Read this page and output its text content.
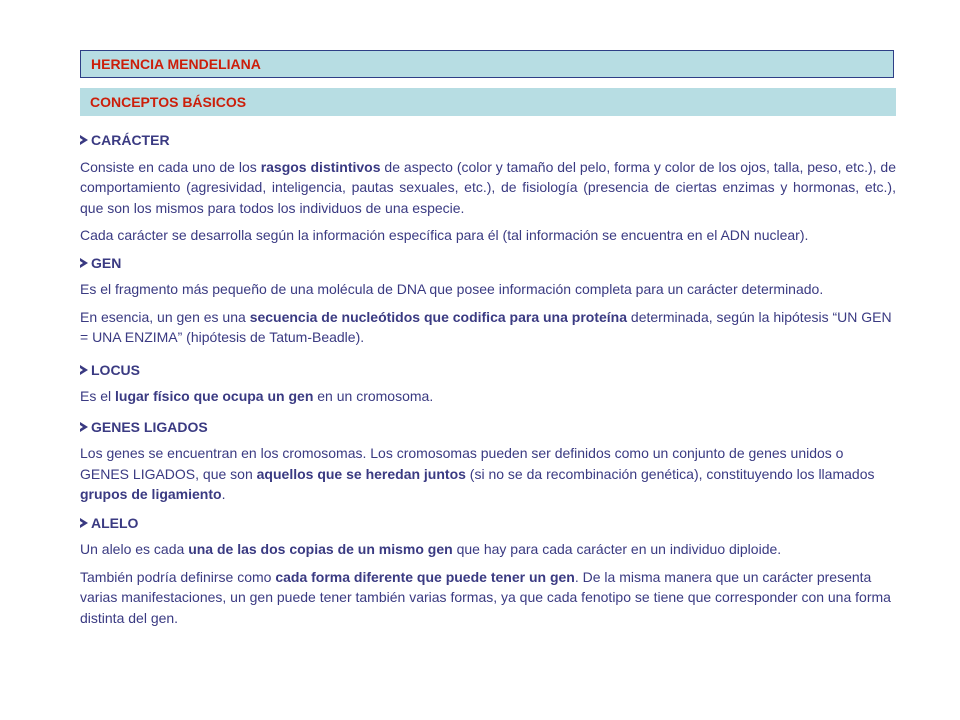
HERENCIA MENDELIANA
CONCEPTOS BÁSICOS
CARÁCTER

Consiste en cada uno de los rasgos distintivos de aspecto (color y tamaño del pelo, forma y color de los ojos, talla, peso, etc.), de comportamiento (agresividad, inteligencia, pautas sexuales, etc.), de fisiología (presencia de ciertas enzimas y hormonas, etc.), que son los mismos para todos los individuos de una especie.

Cada carácter se desarrolla según la información específica para él (tal información se encuentra en el ADN nuclear).

GEN

Es el fragmento más pequeño de una molécula de DNA que posee información completa para un carácter determinado.

En esencia, un gen es una secuencia de nucleótidos que codifica para una proteína determinada, según la hipótesis “UN GEN = UNA ENZIMA” (hipótesis de Tatum-Beadle).

LOCUS

Es el lugar físico que ocupa un gen en un cromosoma.

GENES LIGADOS

Los genes se encuentran en los cromosomas. Los cromosomas pueden ser definidos como un conjunto de genes unidos o GENES LIGADOS, que son aquellos que se heredan juntos (si no se da recombinación genética), constituyendo los llamados grupos de ligamiento.

ALELO

Un alelo es cada una de las dos copias de un mismo gen que hay para cada carácter en un individuo diploide.

También podría definirse como cada forma diferente que puede tener un gen. De la misma manera que un carácter presenta varias manifestaciones, un gen puede tener también varias formas, ya que cada fenotipo se tiene que corresponder con una forma distinta del gen.
